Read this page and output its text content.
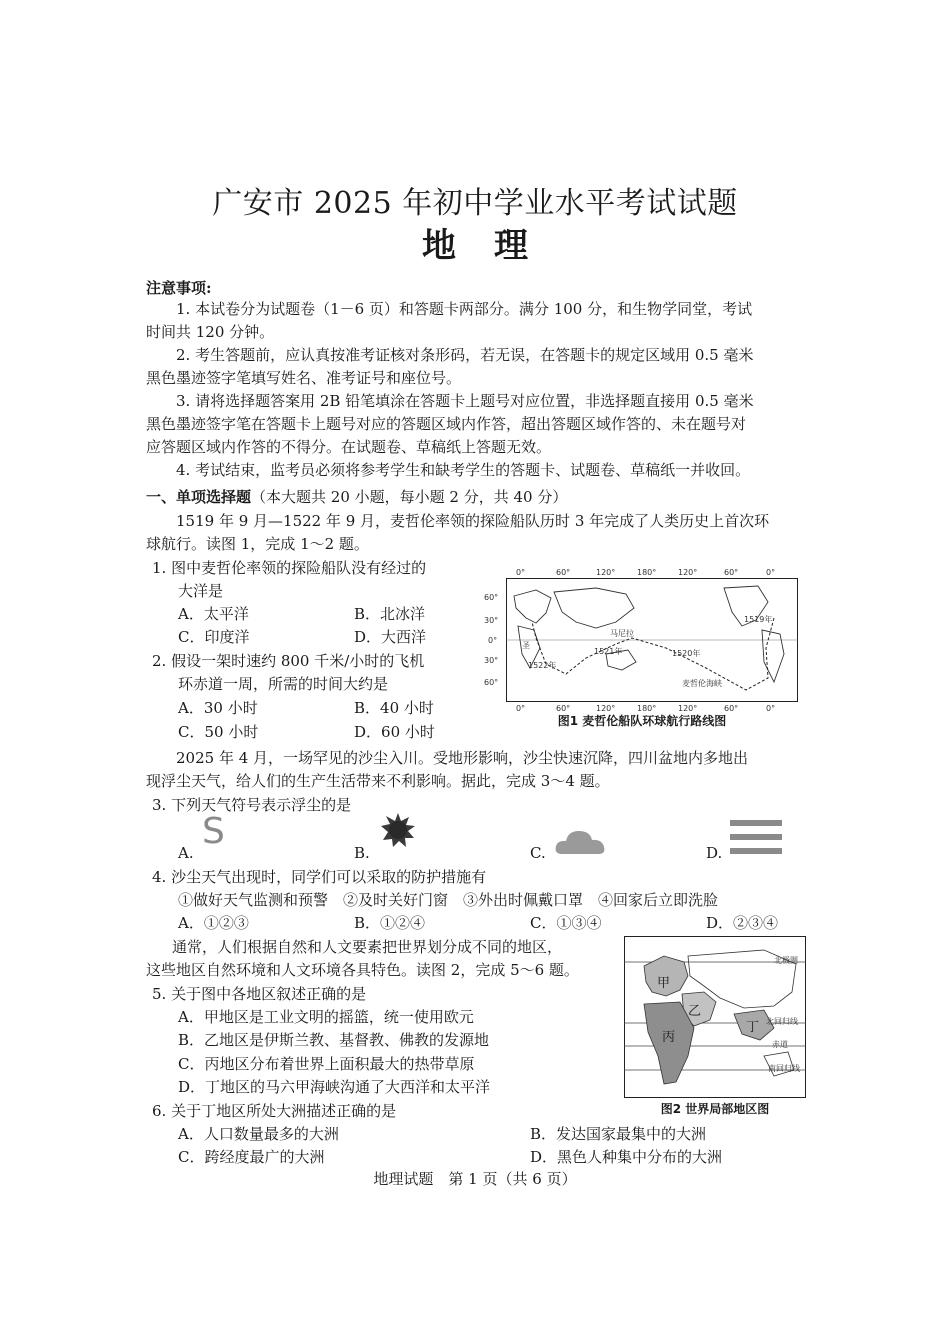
广安市 2025 年初中学业水平考试试题
地理
注意事项:
1. 本试卷分为试题卷（1－6 页）和答题卡两部分。满分 100 分，和生物学同堂，考试
时间共 120 分钟。
2. 考生答题前，应认真按准考证核对条形码，若无误，在答题卡的规定区域用 0.5 毫米
黑色墨迹签字笔填写姓名、准考证号和座位号。
3. 请将选择题答案用 2B 铅笔填涂在答题卡上题号对应位置，非选择题直接用 0.5 毫米
黑色墨迹签字笔在答题卡上题号对应的答题区域内作答，超出答题区域作答的、未在题号对
应答题区域内作答的不得分。在试题卷、草稿纸上答题无效。
4. 考试结束，监考员必须将参考学生和缺考学生的答题卡、试题卷、草稿纸一并收回。
一、单项选择题（本大题共 20 小题，每小题 2 分，共 40 分）
1519 年 9 月—1522 年 9 月，麦哲伦率领的探险船队历时 3 年完成了人类历史上首次环
球航行。读图 1，完成 1～2 题。
1. 图中麦哲伦率领的探险船队没有经过的
大洋是
A．太平洋	B．北冰洋
C．印度洋	D．大西洋
2. 假设一架时速约 800 千米/小时的飞机
环赤道一周，所需的时间大约是
A．30 小时	B．40 小时
C．50 小时	D．60 小时
0°	60°	120°	180°	120°	60°	0°
60°
30°
0°
30°
60°
圣
马尼拉
1521年	1520年
1519年
麦哲伦海峡
1522年
0°	60°	120°	180°	120°	60°	0°
图1 麦哲伦船队环球航行路线图
2025 年 4 月，一场罕见的沙尘入川。受地形影响，沙尘快速沉降，四川盆地内多地出
现浮尘天气，给人们的生产生活带来不利影响。据此，完成 3～4 题。
3. 下列天气符号表示浮尘的是
A.
S
B.	C.	D.
4. 沙尘天气出现时，同学们可以采取的防护措施有
①做好天气监测和预警　②及时关好门窗　③外出时佩戴口罩　④回家后立即洗脸
A．①②③	B．①②④	C．①③④	D．②③④
通常，人们根据自然和人文要素把世界划分成不同的地区，
这些地区自然环境和人文环境各具特色。读图 2，完成 5～6 题。
5. 关于图中各地区叙述正确的是
A．甲地区是工业文明的摇篮，统一使用欧元
B．乙地区是伊斯兰教、基督教、佛教的发源地
C．丙地区分布着世界上面积最大的热带草原
D．丁地区的马六甲海峡沟通了大西洋和太平洋
北极圈
北回归线
赤道
南回归线
甲
乙
丙
丁
图2 世界局部地区图
6. 关于丁地区所处大洲描述正确的是
A．人口数量最多的大洲	B．发达国家最集中的大洲
C．跨经度最广的大洲	D．黑色人种集中分布的大洲
地理试题　第 1 页（共 6 页）
